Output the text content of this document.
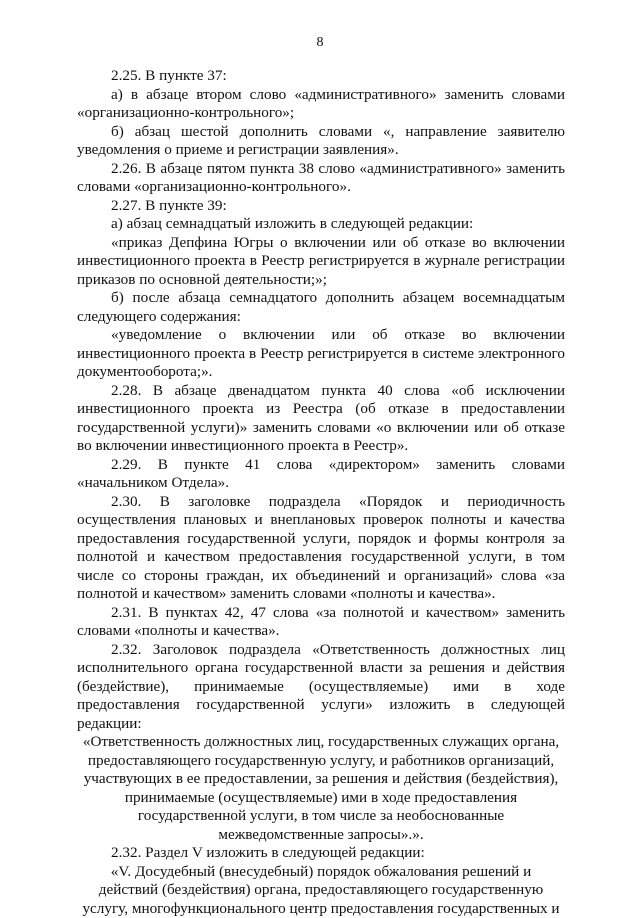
8

2.25. В пункте 37:

а) в абзаце втором слово «административного» заменить словами «организационно-контрольного»;

б) абзац шестой дополнить словами «, направление заявителю уведомления о приеме и регистрации заявления».

2.26. В абзаце пятом пункта 38 слово «административного» заменить словами «организационно-контрольного».

2.27. В пункте 39:

а) абзац семнадцатый изложить в следующей редакции:

«приказ Депфина Югры о включении или об отказе во включении инвестиционного проекта в Реестр регистрируется в журнале регистрации приказов по основной деятельности;»;

б) после абзаца семнадцатого дополнить абзацем восемнадцатым следующего содержания:

«уведомление о включении или об отказе во включении инвестиционного проекта в Реестр регистрируется в системе электронного документооборота;».

2.28. В абзаце двенадцатом пункта 40 слова «об исключении инвестиционного проекта из Реестра (об отказе в предоставлении государственной услуги)» заменить словами «о включении или об отказе во включении инвестиционного проекта в Реестр».

2.29. В пункте 41 слова «директором» заменить словами «начальником Отдела».

2.30. В заголовке подраздела «Порядок и периодичность осуществления плановых и внеплановых проверок полноты и качества предоставления государственной услуги, порядок и формы контроля за полнотой и качеством предоставления государственной услуги, в том числе со стороны граждан, их объединений и организаций» слова «за полнотой и качеством» заменить словами «полноты и качества».

2.31. В пунктах 42, 47 слова «за полнотой и качеством» заменить словами «полноты и качества».

2.32. Заголовок подраздела «Ответственность должностных лиц исполнительного органа государственной власти за решения и действия (бездействие), принимаемые (осуществляемые) ими в ходе предоставления государственной услуги» изложить в следующей редакции:

«Ответственность должностных лиц, государственных служащих органа,
предоставляющего государственную услугу, и работников организаций,
участвующих в ее предоставлении, за решения и действия (бездействия),
принимаемые (осуществляемые) ими в ходе предоставления
государственной услуги, в том числе за необоснованные
межведомственные запросы».».

2.32. Раздел V изложить в следующей редакции:

«V. Досудебный (внесудебный) порядок обжалования решений и
действий (бездействия) органа, предоставляющего государственную
услугу, многофункционального центр предоставления государственных и
